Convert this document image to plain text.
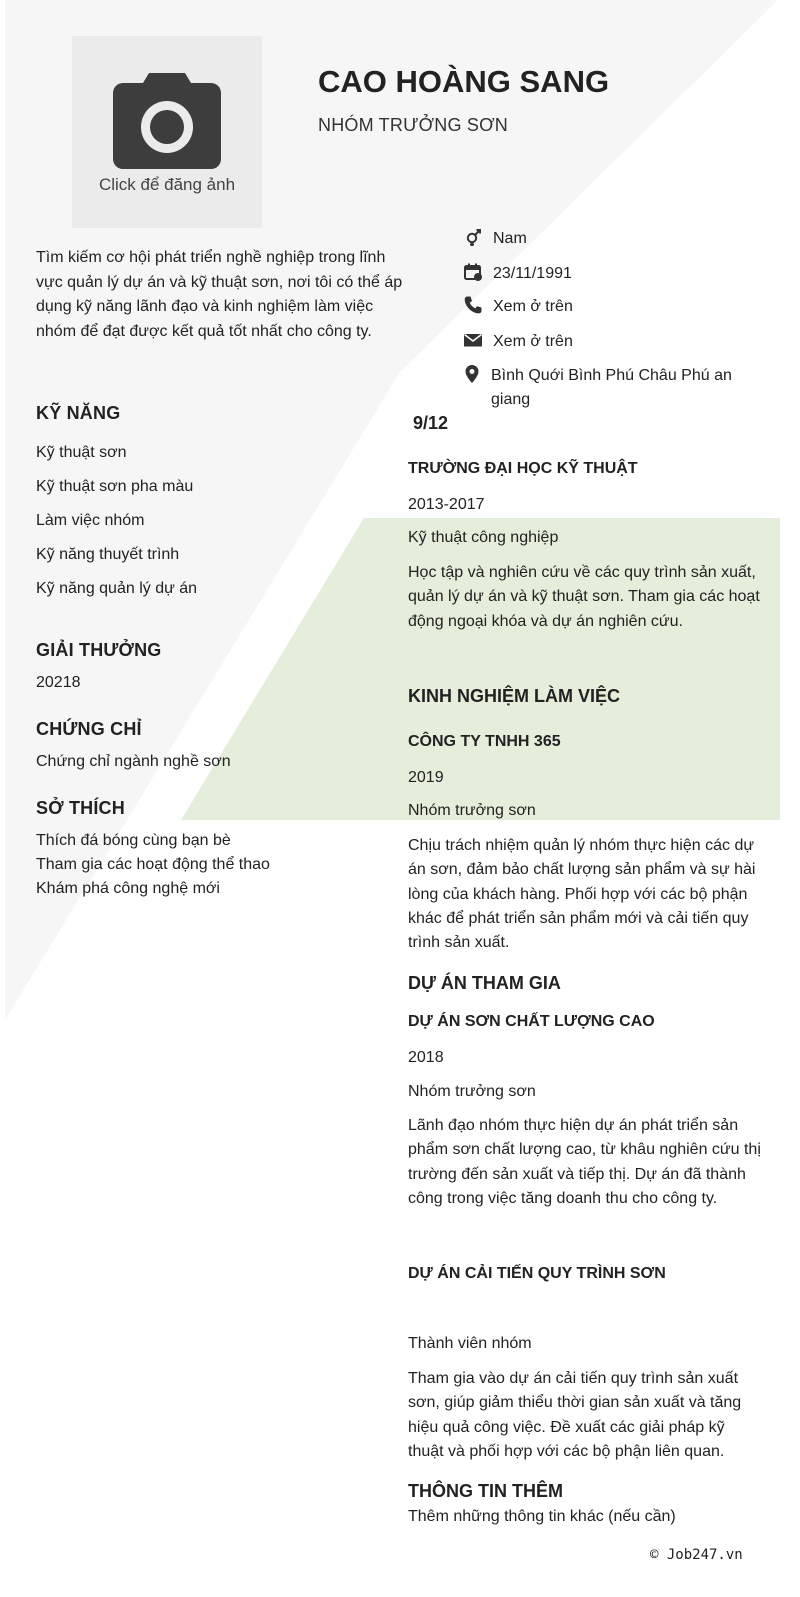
Click để đăng ảnh
CAO HOÀNG SANG
NHÓM TRƯỞNG SƠN
Tìm kiếm cơ hội phát triển nghề nghiệp trong lĩnh vực quản lý dự án và kỹ thuật sơn, nơi tôi có thể áp dụng kỹ năng lãnh đạo và kinh nghiệm làm việc nhóm để đạt được kết quả tốt nhất cho công ty.
Nam
23/11/1991
Xem ở trên
Xem ở trên
Bình Quới Bình Phú Châu Phú an giang
KỸ NĂNG
Kỹ thuật sơn
Kỹ thuật sơn pha màu
Làm việc nhóm
Kỹ năng thuyết trình
Kỹ năng quản lý dự án
GIẢI THƯỞNG
20218
CHỨNG CHỈ
Chứng chỉ ngành nghề sơn
SỞ THÍCH
Thích đá bóng cùng bạn bè
Tham gia các hoạt động thể thao
Khám phá công nghệ mới
9/12
TRƯỜNG ĐẠI HỌC KỸ THUẬT
2013-2017
Kỹ thuật công nghiệp
Học tập và nghiên cứu về các quy trình sản xuất, quản lý dự án và kỹ thuật sơn. Tham gia các hoạt động ngoại khóa và dự án nghiên cứu.
KINH NGHIỆM LÀM VIỆC
CÔNG TY TNHH 365
2019
Nhóm trưởng sơn
Chịu trách nhiệm quản lý nhóm thực hiện các dự án sơn, đảm bảo chất lượng sản phẩm và sự hài lòng của khách hàng. Phối hợp với các bộ phận khác để phát triển sản phẩm mới và cải tiến quy trình sản xuất.
DỰ ÁN THAM GIA
DỰ ÁN SƠN CHẤT LƯỢNG CAO
2018
Nhóm trưởng sơn
Lãnh đạo nhóm thực hiện dự án phát triển sản phẩm sơn chất lượng cao, từ khâu nghiên cứu thị trường đến sản xuất và tiếp thị. Dự án đã thành công trong việc tăng doanh thu cho công ty.
DỰ ÁN CẢI TIẾN QUY TRÌNH SƠN
Thành viên nhóm
Tham gia vào dự án cải tiến quy trình sản xuất sơn, giúp giảm thiểu thời gian sản xuất và tăng hiệu quả công việc. Đề xuất các giải pháp kỹ thuật và phối hợp với các bộ phận liên quan.
THÔNG TIN THÊM
Thêm những thông tin khác (nếu cần)
© Job247.vn
